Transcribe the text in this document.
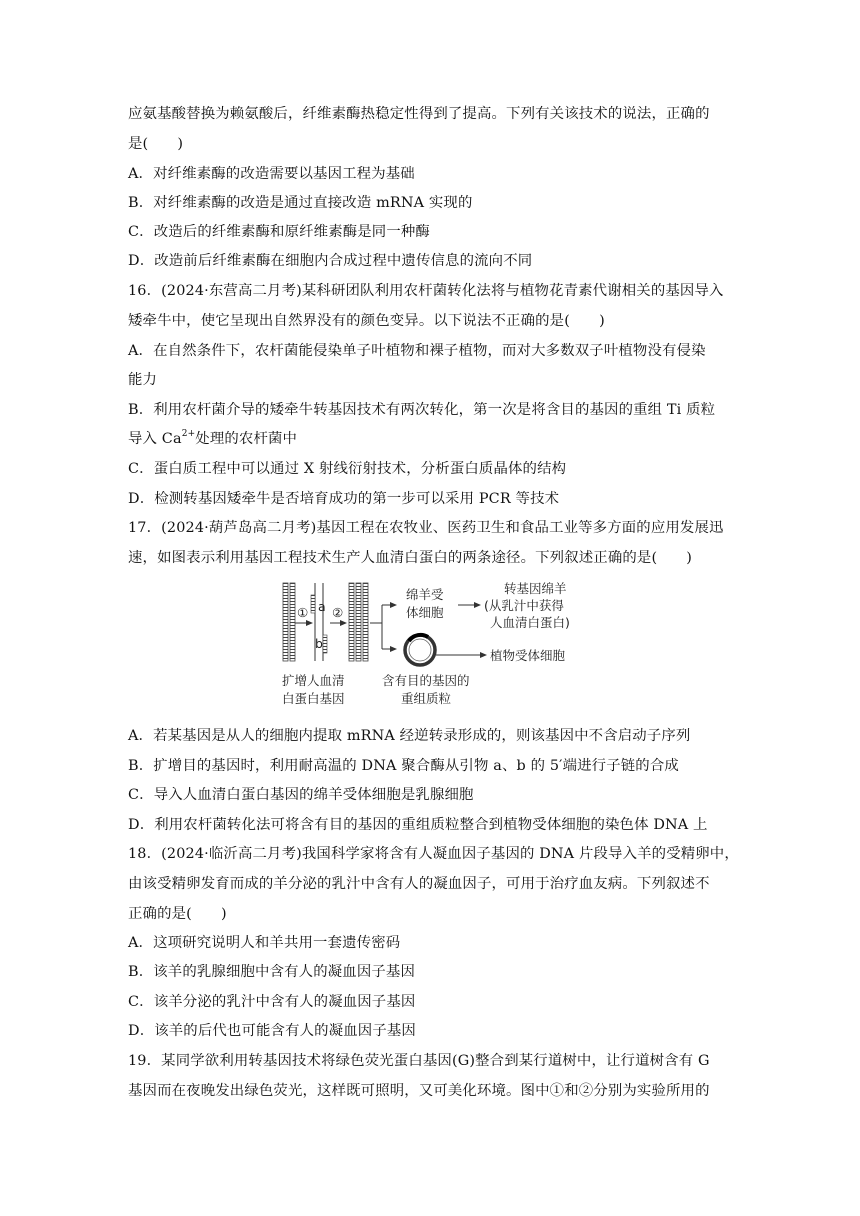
应氨基酸替换为赖氨酸后，纤维素酶热稳定性得到了提高。下列有关该技术的说法，正确的
是(　　)
A．对纤维素酶的改造需要以基因工程为基础
B．对纤维素酶的改造是通过直接改造 mRNA 实现的
C．改造后的纤维素酶和原纤维素酶是同一种酶
D．改造前后纤维素酶在细胞内合成过程中遗传信息的流向不同
16．(2024·东营高二月考)某科研团队利用农杆菌转化法将与植物花青素代谢相关的基因导入
矮牵牛中，使它呈现出自然界没有的颜色变异。以下说法不正确的是(　　)
A．在自然条件下，农杆菌能侵染单子叶植物和裸子植物，而对大多数双子叶植物没有侵染
能力
B．利用农杆菌介导的矮牵牛转基因技术有两次转化，第一次是将含目的基因的重组 Ti 质粒
导入 $Ca^{2+}$处理的农杆菌中
C．蛋白质工程中可以通过 X 射线衍射技术，分析蛋白质晶体的结构
D．检测转基因矮牵牛是否培育成功的第一步可以采用 PCR 等技术
17．(2024·葫芦岛高二月考)基因工程在农牧业、医药卫生和食品工业等多方面的应用发展迅
速，如图表示利用基因工程技术生产人血清白蛋白的两条途径。下列叙述正确的是(　　)
① a
b
②
绵羊受
体细胞
转基因绵羊
(从乳汁中获得
人血清白蛋白)
植物受体细胞
扩增人血清
白蛋白基因
含有目的基因的
重组质粒
A．若某基因是从人的细胞内提取 mRNA 经逆转录形成的，则该基因中不含启动子序列
B．扩增目的基因时，利用耐高温的 DNA 聚合酶从引物 a、b 的 5′端进行子链的合成
C．导入人血清白蛋白基因的绵羊受体细胞是乳腺细胞
D．利用农杆菌转化法可将含有目的基因的重组质粒整合到植物受体细胞的染色体 DNA 上
18．(2024·临沂高二月考)我国科学家将含有人凝血因子基因的 DNA 片段导入羊的受精卵中，
由该受精卵发育而成的羊分泌的乳汁中含有人的凝血因子，可用于治疗血友病。下列叙述不
正确的是(　　)
A．这项研究说明人和羊共用一套遗传密码
B．该羊的乳腺细胞中含有人的凝血因子基因
C．该羊分泌的乳汁中含有人的凝血因子基因
D．该羊的后代也可能含有人的凝血因子基因
19．某同学欲利用转基因技术将绿色荧光蛋白基因(G)整合到某行道树中，让行道树含有 G
基因而在夜晚发出绿色荧光，这样既可照明，又可美化环境。图中①和②分别为实验所用的
